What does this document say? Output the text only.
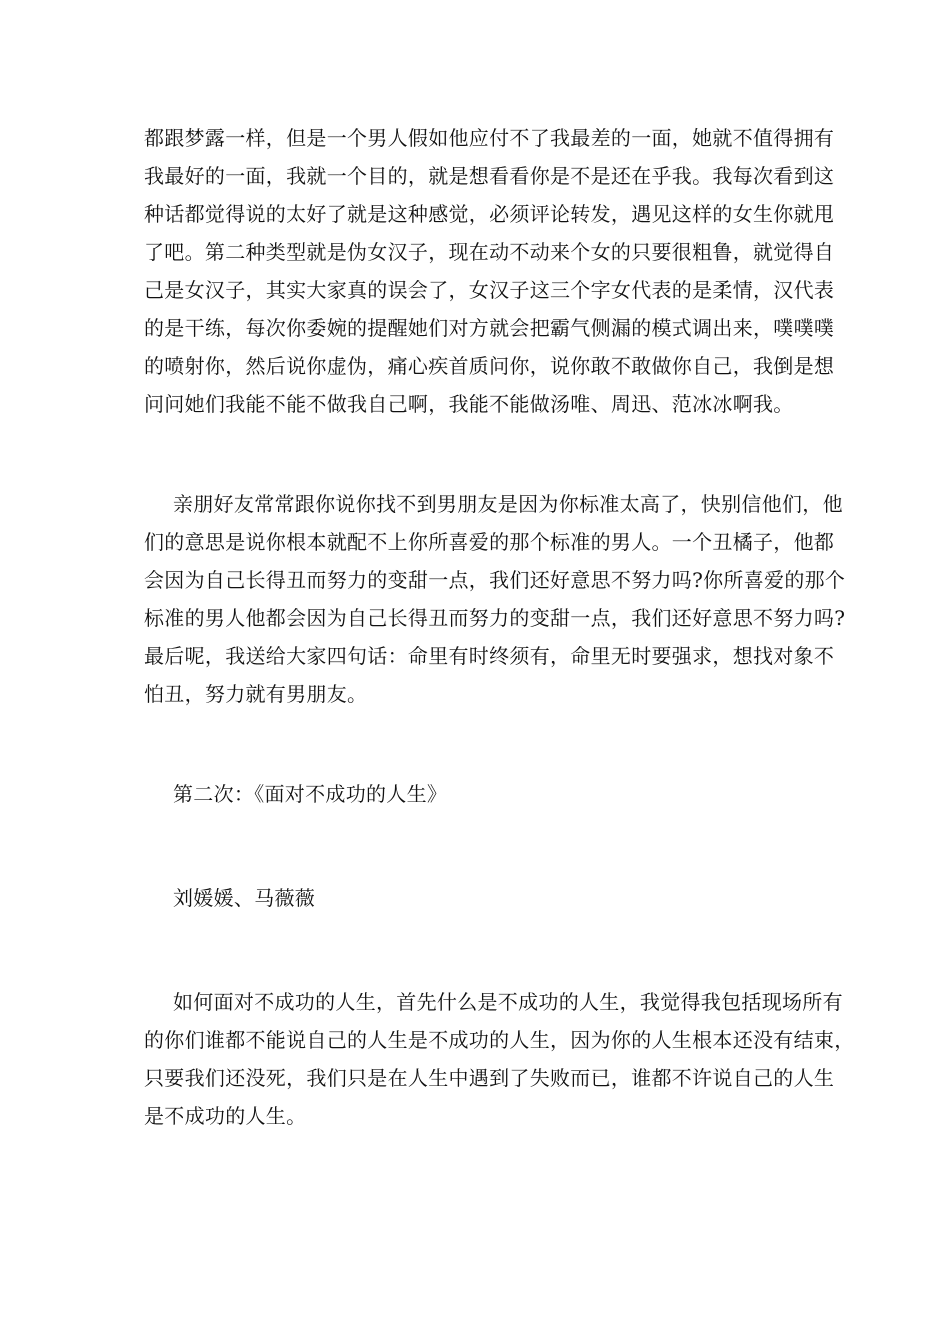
都跟梦露一样，但是一个男人假如他应付不了我最差的一面，她就不值得拥有
我最好的一面，我就一个目的，就是想看看你是不是还在乎我。我每次看到这
种话都觉得说的太好了就是这种感觉，必须评论转发，遇见这样的女生你就甩
了吧。第二种类型就是伪女汉子，现在动不动来个女的只要很粗鲁，就觉得自
己是女汉子，其实大家真的误会了，女汉子这三个字女代表的是柔情，汉代表
的是干练，每次你委婉的提醒她们对方就会把霸气侧漏的模式调出来，噗噗噗
的喷射你，然后说你虚伪，痛心疾首质问你，说你敢不敢做你自己，我倒是想
问问她们我能不能不做我自己啊，我能不能做汤唯、周迅、范冰冰啊我。
亲朋好友常常跟你说你找不到男朋友是因为你标准太高了，快别信他们，他
们的意思是说你根本就配不上你所喜爱的那个标准的男人。一个丑橘子，他都
会因为自己长得丑而努力的变甜一点，我们还好意思不努力吗?你所喜爱的那个
标准的男人他都会因为自己长得丑而努力的变甜一点，我们还好意思不努力吗?
最后呢，我送给大家四句话：命里有时终须有，命里无时要强求，想找对象不
怕丑，努力就有男朋友。
第二次：《面对不成功的人生》
刘媛媛、马薇薇
如何面对不成功的人生，首先什么是不成功的人生，我觉得我包括现场所有
的你们谁都不能说自己的人生是不成功的人生，因为你的人生根本还没有结束，
只要我们还没死，我们只是在人生中遇到了失败而已，谁都不许说自己的人生
是不成功的人生。
